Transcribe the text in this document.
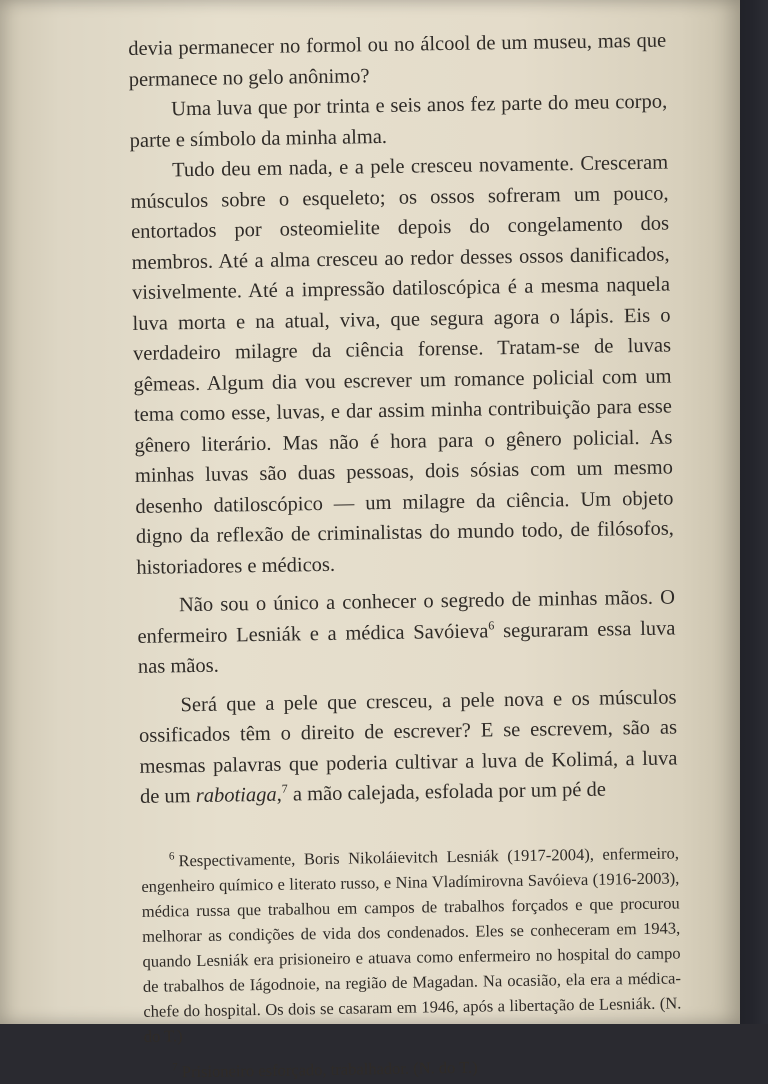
devia permanecer no formol ou no álcool de um museu, mas que permanece no gelo anônimo?

Uma luva que por trinta e seis anos fez parte do meu corpo, parte e símbolo da minha alma.

Tudo deu em nada, e a pele cresceu novamente. Cresceram músculos sobre o esqueleto; os ossos sofreram um pouco, entortados por osteomielite depois do congelamento dos membros. Até a alma cresceu ao redor desses ossos danificados, visivelmente. Até a impressão datiloscópica é a mesma naquela luva morta e na atual, viva, que segura agora o lápis. Eis o verdadeiro milagre da ciência forense. Tratam-se de luvas gêmeas. Algum dia vou escrever um romance policial com um tema como esse, luvas, e dar assim minha contribuição para esse gênero literário. Mas não é hora para o gênero policial. As minhas luvas são duas pessoas, dois sósias com um mesmo desenho datiloscópico — um milagre da ciência. Um objeto digno da reflexão de criminalistas do mundo todo, de filósofos, historiadores e médicos.

Não sou o único a conhecer o segredo de minhas mãos. O enfermeiro Lesniák e a médica Savóieva$^6$ seguraram essa luva nas mãos.

Será que a pele que cresceu, a pele nova e os músculos ossificados têm o direito de escrever? E se escrevem, são as mesmas palavras que poderia cultivar a luva de Kolimá, a luva de um rabotiaga,$^7$ a mão calejada, esfolada por um pé de

$^6$ Respectivamente, Boris Nikoláievitch Lesniák (1917-2004), enfermeiro, engenheiro químico e literato russo, e Nina Vladímirovna Savóieva (1916-2003), médica russa que trabalhou em campos de trabalhos forçados e que procurou melhorar as condições de vida dos condenados. Eles se conheceram em 1943, quando Lesniák era prisioneiro e atuava como enfermeiro no hospital do campo de trabalhos de Iágodnoie, na região de Magadan. Na ocasião, ela era a médica-chefe do hospital. Os dois se casaram em 1946, após a libertação de Lesniák. (N. do T.)

$^7$ Prisioneiro esforçado, trabalhador. (N. do T.)
